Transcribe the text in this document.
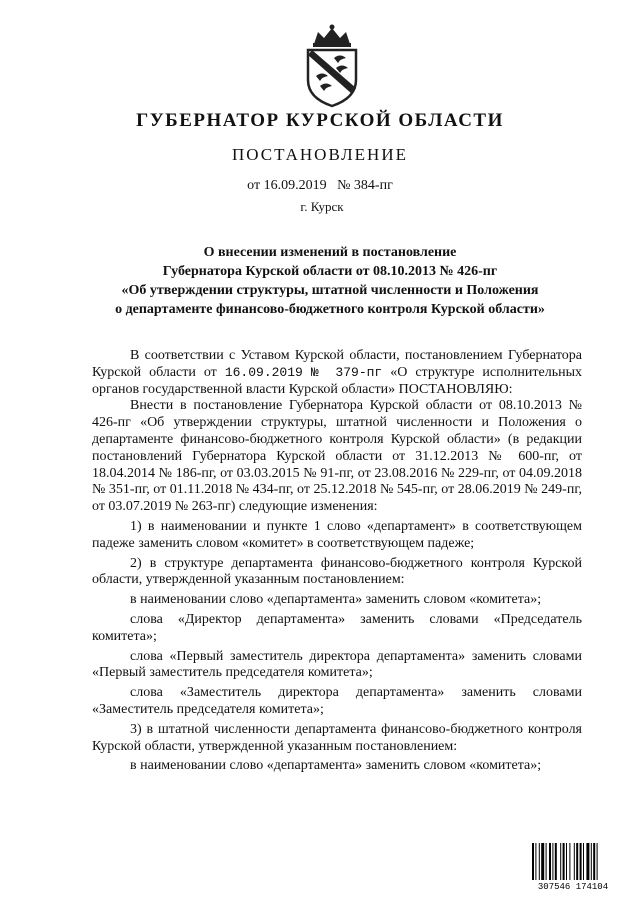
ГУБЕРНАТОР КУРСКОЙ ОБЛАСТИ
ПОСТАНОВЛЕНИЕ
от 16.09.2019 № 384-пг
г. Курск
О внесении изменений в постановление
Губернатора Курской области от 08.10.2013 № 426-пг
«Об утверждении структуры, штатной численности и Положения
о департаменте финансово-бюджетного контроля Курской области»

В соответствии с Уставом Курской области, постановлением Губернатора Курской области от 16.09.2019 № 379-пг «О структуре исполнительных органов государственной власти Курской области» ПОСТАНОВЛЯЮ:

Внести в постановление Губернатора Курской области от 08.10.2013 № 426-пг «Об утверждении структуры, штатной численности и Положения о департаменте финансово-бюджетного контроля Курской области» (в редакции постановлений Губернатора Курской области от 31.12.2013 № 600-пг, от 18.04.2014 № 186-пг, от 03.03.2015 № 91-пг, от 23.08.2016 № 229-пг, от 04.09.2018 № 351-пг, от 01.11.2018 № 434-пг, от 25.12.2018 № 545-пг, от 28.06.2019 № 249-пг, от 03.07.2019 № 263-пг) следующие изменения:

1) в наименовании и пункте 1 слово «департамент» в соответствующем падеже заменить словом «комитет» в соответствующем падеже;

2) в структуре департамента финансово-бюджетного контроля Курской области, утвержденной указанным постановлением:

в наименовании слово «департамента» заменить словом «комитета»;

слова «Директор департамента» заменить словами «Председатель комитета»;

слова «Первый заместитель директора департамента» заменить словами «Первый заместитель председателя комитета»;

слова «Заместитель директора департамента» заменить словами «Заместитель председателя комитета»;

3) в штатной численности департамента финансово-бюджетного контроля Курской области, утвержденной указанным постановлением:

в наименовании слово «департамента» заменить словом «комитета»;

307546 174104
